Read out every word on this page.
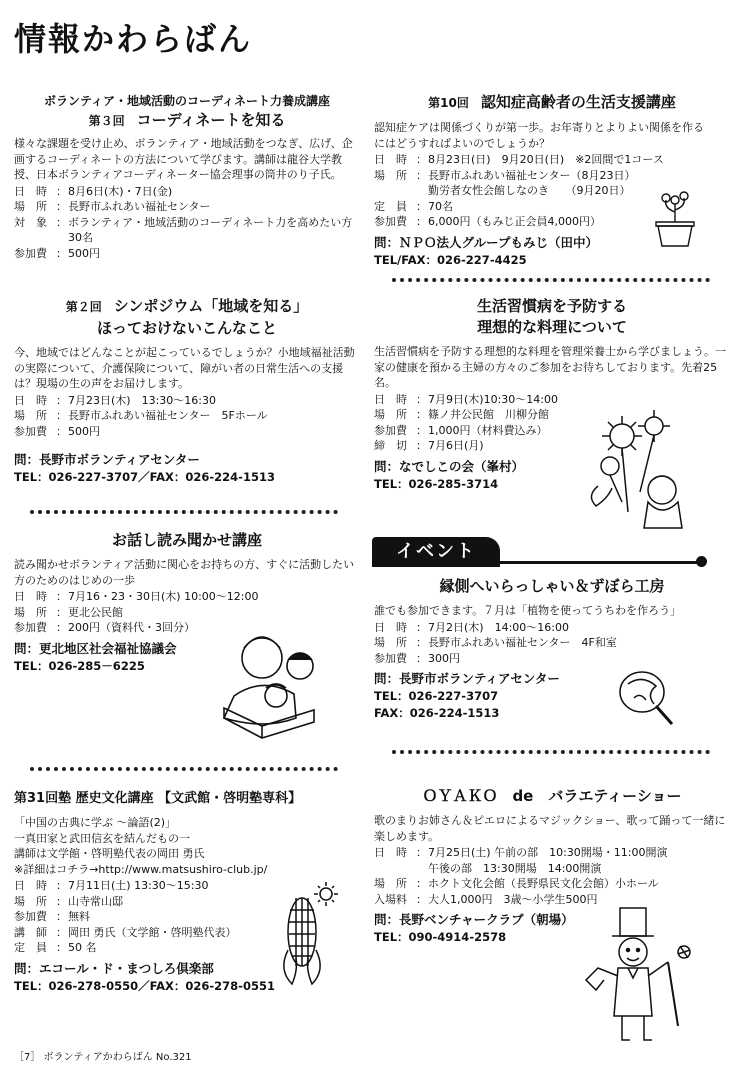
情報かわらばん

ボランティア・地域活動のコーディネート力養成講座

第３回 コーディネートを知る

様々な課題を受け止め、ボランティア・地域活動をつなぎ、広げ、企画するコーディネートの方法について学びます。講師は龍谷大学教授、日本ボランティアコーディネーター協会理事の筒井のり子氏。

日　時 ： 8月6日(木)・7日(金)
場　所 ： 長野市ふれあい福祉センター
対　象 ： ボランティア・地域活動のコーディネート力を高めたい方　30名
参加費 ： 500円

第２回 シンポジウム「地域を知る」

ほっておけないこんなこと

今、地域ではどんなことが起こっているでしょうか？小地域福祉活動の実際について、介護保険について、障がい者の日常生活への支援は？現場の生の声をお届けします。

日　時 ： 7月23日(木)　13:30～16:30
場　所 ： 長野市ふれあい福祉センター　5Fホール
参加費 ： 500円
問：長野市ボランティアセンター
TEL：026-227-3707／FAX：026-224-1513

お話し読み聞かせ講座

読み聞かせボランティア活動に関心をお持ちの方、すぐに活動したい方のためのはじめの一歩

日　時 ： 7月16・23・30日(木) 10:00～12:00
場　所 ： 更北公民館
参加費 ： 200円（資料代・3回分）
問：更北地区社会福祉協議会
TEL：026-285－6225

第31回塾 歴史文化講座 【文武館・啓明塾専科】

「中国の古典に学ぶ ～論語(2)」
一真田家と武田信玄を結んだもの一
講師は文学館・啓明塾代表の岡田 勇氏
※詳細はコチラ→http://www.matsushiro-club.jp/

日　時 ： 7月11日(土) 13:30～15:30
場　所 ： 山寺常山邸
参加費 ： 無料
講　師 ： 岡田 勇氏（文学館・啓明塾代表）
定　員 ： 50 名
問：エコール・ド・まつしろ倶楽部
TEL：026-278-0550／FAX：026-278-0551

第10回 認知症高齢者の生活支援講座

認知症ケアは関係づくりが第一歩。お年寄りとよりよい関係を作るにはどうすればよいのでしょうか？

日　時 ： 8月23日(日)　9月20日(日)　※2回間で1コース
場　所 ： 長野市ふれあい福祉センター（8月23日）
勤労者女性会館しなのき　　（9月20日）
定　員 ： 70名
参加費 ： 6,000円（もみじ正会員4,000円）
問：ＮＰＯ法人グループもみじ（田中）
TEL/FAX：026-227-4425

生活習慣病を予防する

理想的な料理について

生活習慣病を予防する理想的な料理を管理栄養士から学びましょう。一家の健康を預かる主婦の方々のご参加をお待ちしております。先着25名。

日　時 ： 7月9日(木)10:30～14:00
場　所 ： 篠ノ井公民館　川柳分館
参加費 ： 1,000円（材料費込み）
締　切 ： 7月6日(月)
問：なでしこの会（峯村）
TEL：026-285-3714
イベント

縁側へいらっしゃい＆ずぼら工房

誰でも参加できます。７月は「植物を使ってうちわを作ろう」

日　時 ： 7月2日(木)　14:00～16:00
場　所 ： 長野市ふれあい福祉センター　4F和室
参加費 ： 300円
問：長野市ボランティアセンター
TEL：026-227-3707
FAX：026-224-1513

ＯＹＡＫＯ　de　バラエティーショー

歌のまりお姉さん＆ピエロによるマジックショー、歌って踊って一緒に楽しめます。

日　時 ： 7月25日(土) 午前の部　10:30開場・11:00開演
午後の部　13:30開場　14:00開演
場　所 ： ホクト文化会館（長野県民文化会館）小ホール
入場料 ： 大人1,000円　3歳～小学生500円
問：長野ベンチャークラブ（朝場）
TEL：090-4914-2578
［7］ ボランティアかわらばん No.321
